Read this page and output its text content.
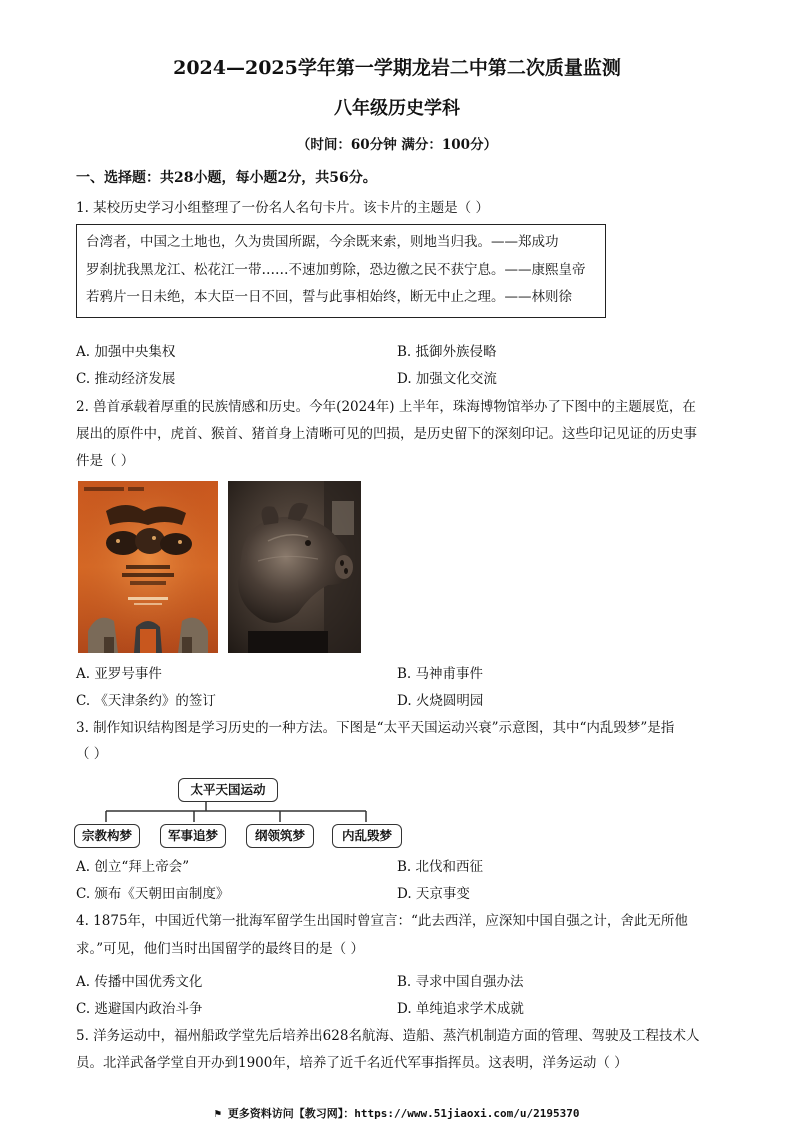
2024—2025学年第一学期龙岩二中第二次质量监测
八年级历史学科
（时间：60分钟 满分：100分）
一、选择题：共28小题，每小题2分，共56分。
1. 某校历史学习小组整理了一份名人名句卡片。该卡片的主题是（ ）
台湾者，中国之土地也，久为贵国所踞，今余既来索，则地当归我。——郑成功
罗刹扰我黑龙江、松花江一带……不速加剪除，恐边徼之民不获宁息。——康熙皇帝
若鸦片一日未绝，本大臣一日不回，誓与此事相始终，断无中止之理。——林则徐
A. 加强中央集权	B. 抵御外族侵略
C. 推动经济发展	D. 加强文化交流
2. 兽首承载着厚重的民族情感和历史。今年(2024年) 上半年，珠海博物馆举办了下图中的主题展览，在
展出的原件中，虎首、猴首、猪首身上清晰可见的凹损，是历史留下的深刻印记。这些印记见证的历史事
件是（ ）
A. 亚罗号事件	B. 马神甫事件
C. 《天津条约》的签订	D. 火烧圆明园
3. 制作知识结构图是学习历史的一种方法。下图是“太平天国运动兴衰”示意图，其中“内乱毁梦”是指
（ ）
太平天国运动
宗教构梦	军事追梦	纲领筑梦	内乱毁梦
A. 创立“拜上帝会”	B. 北伐和西征
C. 颁布《天朝田亩制度》	D. 天京事变
4. 1875年，中国近代第一批海军留学生出国时曾宣言：“此去西洋，应深知中国自强之计，舍此无所他
求。”可见，他们当时出国留学的最终目的是（ ）
A. 传播中国优秀文化	B. 寻求中国自强办法
C. 逃避国内政治斗争	D. 单纯追求学术成就
5. 洋务运动中，福州船政学堂先后培养出628名航海、造船、蒸汽机制造方面的管理、驾驶及工程技术人
员。北洋武备学堂自开办到1900年，培养了近千名近代军事指挥员。这表明，洋务运动（ ）
⚑ 更多资料访问【教习网】：https://www.51jiaoxi.com/u/2195370
